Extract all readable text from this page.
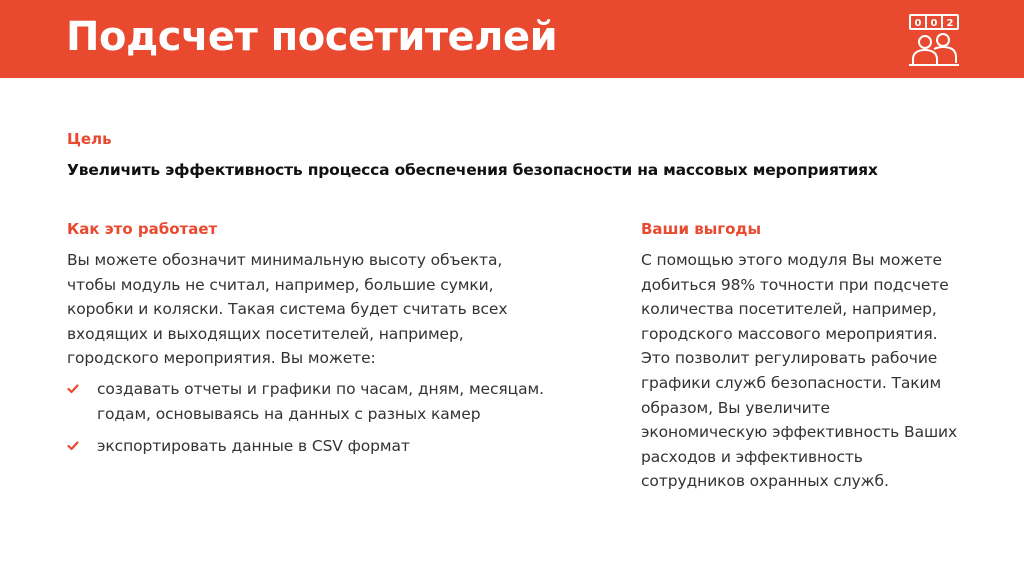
Подсчет посетителей	0 0 2
Цель
Увеличить эффективность процесса обеспечения безопасности на массовых мероприятиях
Как это работает
Вы можете обозначит минимальную высоту объекта,
чтобы модуль не считал, например, большие сумки,
коробки и коляски. Такая система будет считать всех
входящих и выходящих посетителей, например,
городского мероприятия. Вы можете:
создавать отчеты и графики по часам, дням, месяцам.
годам, основываясь на данных с разных камер
экспортировать данные в CSV формат
Ваши выгоды
С помощью этого модуля Вы можете
добиться 98% точности при подсчете
количества посетителей, например,
городского массового мероприятия.
Это позволит регулировать рабочие
графики служб безопасности. Таким
образом, Вы увеличите
экономическую эффективность Ваших
расходов и эффективность
сотрудников охранных служб.
